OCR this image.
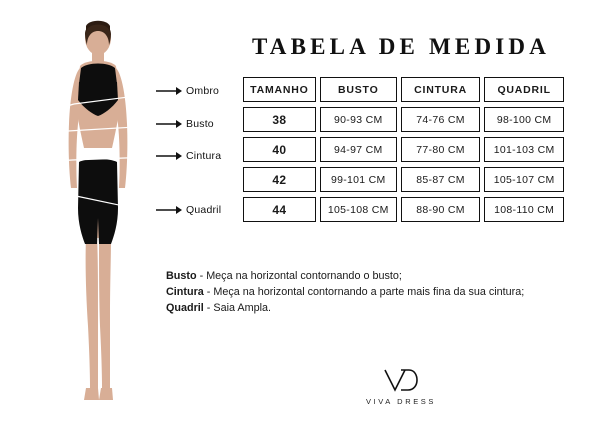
Ombro
Busto
Cintura
Quadril
TABELA DE MEDIDA
TAMANHO	BUSTO	CINTURA	QUADRIL
38	90-93 CM	74-76 CM	98-100 CM
40	94-97 CM	77-80 CM	101-103 CM
42	99-101 CM	85-87 CM	105-107 CM
44	105-108 CM	88-90 CM	108-110 CM
Busto - Meça na horizontal contornando o busto;
Cintura - Meça na horizontal contornando a parte mais fina da sua cintura;
Quadril - Saia Ampla.
VIVA DRESS
